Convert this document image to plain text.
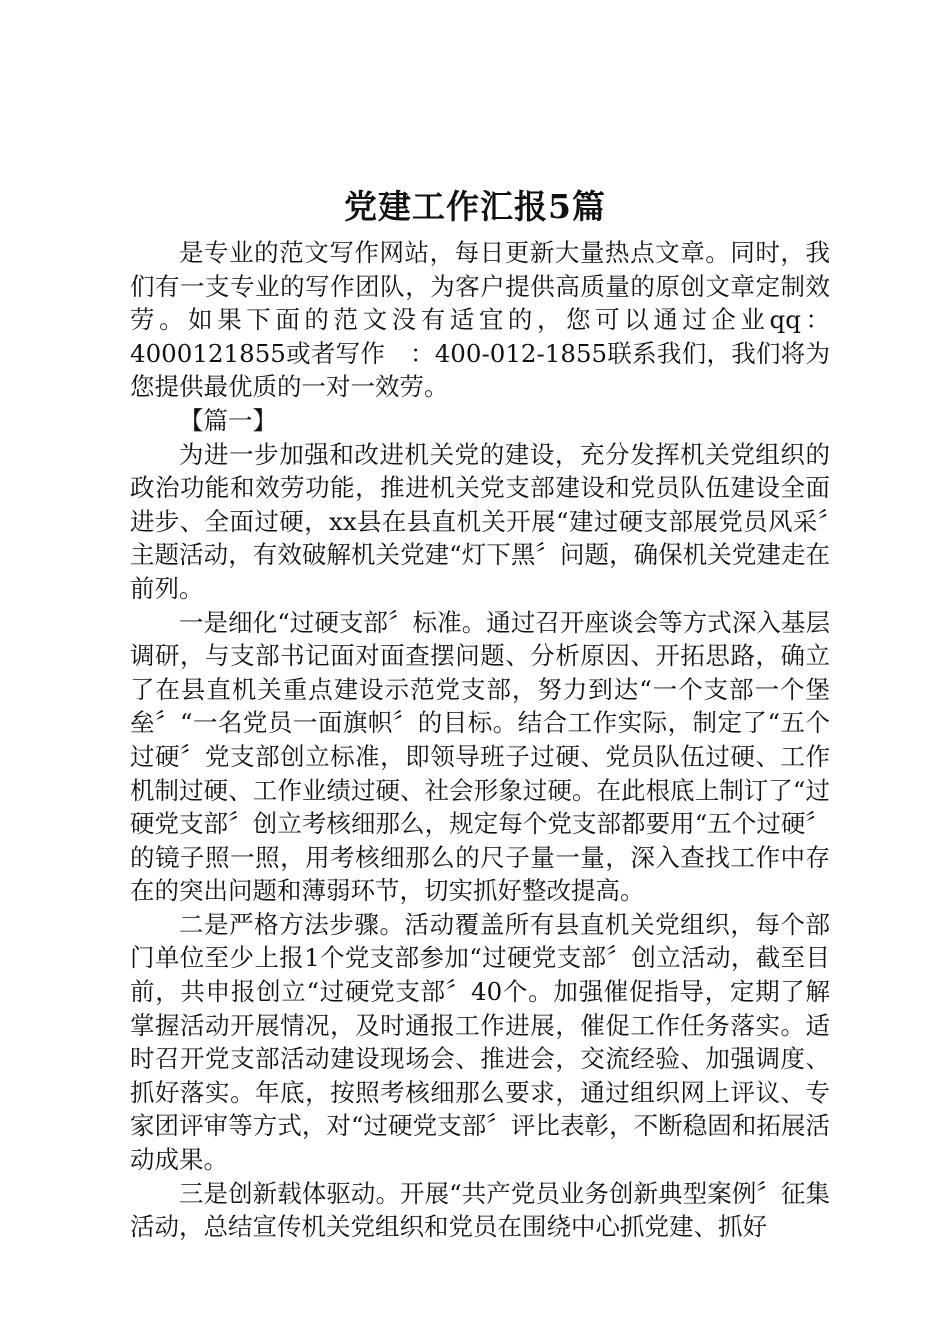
党建工作汇报5篇

是专业的范文写作网站，每日更新大量热点文章。同时，我们有一支专业的写作团队，为客户提供高质量的原创文章定制效劳。如果下面的范文没有适宜的，您可以通过企业qq：4000121855或者写作　：400-012-1855联系我们，我们将为您提供最优质的一对一效劳。

【篇一】

为进一步加强和改进机关党的建设，充分发挥机关党组织的政治功能和效劳功能，推进机关党支部建设和党员队伍建设全面进步、全面过硬，xx县在县直机关开展“建过硬支部展党员风采〞主题活动，有效破解机关党建“灯下黑〞问题，确保机关党建走在前列。

一是细化“过硬支部〞标准。通过召开座谈会等方式深入基层调研，与支部书记面对面查摆问题、分析原因、开拓思路，确立了在县直机关重点建设示范党支部，努力到达“一个支部一个堡垒〞“一名党员一面旗帜〞的目标。结合工作实际，制定了“五个过硬〞党支部创立标准，即领导班子过硬、党员队伍过硬、工作机制过硬、工作业绩过硬、社会形象过硬。在此根底上制订了“过硬党支部〞创立考核细那么，规定每个党支部都要用“五个过硬〞的镜子照一照，用考核细那么的尺子量一量，深入查找工作中存在的突出问题和薄弱环节，切实抓好整改提高。

二是严格方法步骤。活动覆盖所有县直机关党组织，每个部门单位至少上报1个党支部参加“过硬党支部〞创立活动，截至目前，共申报创立“过硬党支部〞40个。加强催促指导，定期了解掌握活动开展情况，及时通报工作进展，催促工作任务落实。适时召开党支部活动建设现场会、推进会，交流经验、加强调度、抓好落实。年底，按照考核细那么要求，通过组织网上评议、专家团评审等方式，对“过硬党支部〞评比表彰，不断稳固和拓展活动成果。

三是创新载体驱动。开展“共产党员业务创新典型案例〞征集活动，总结宣传机关党组织和党员在围绕中心抓党建、抓好
